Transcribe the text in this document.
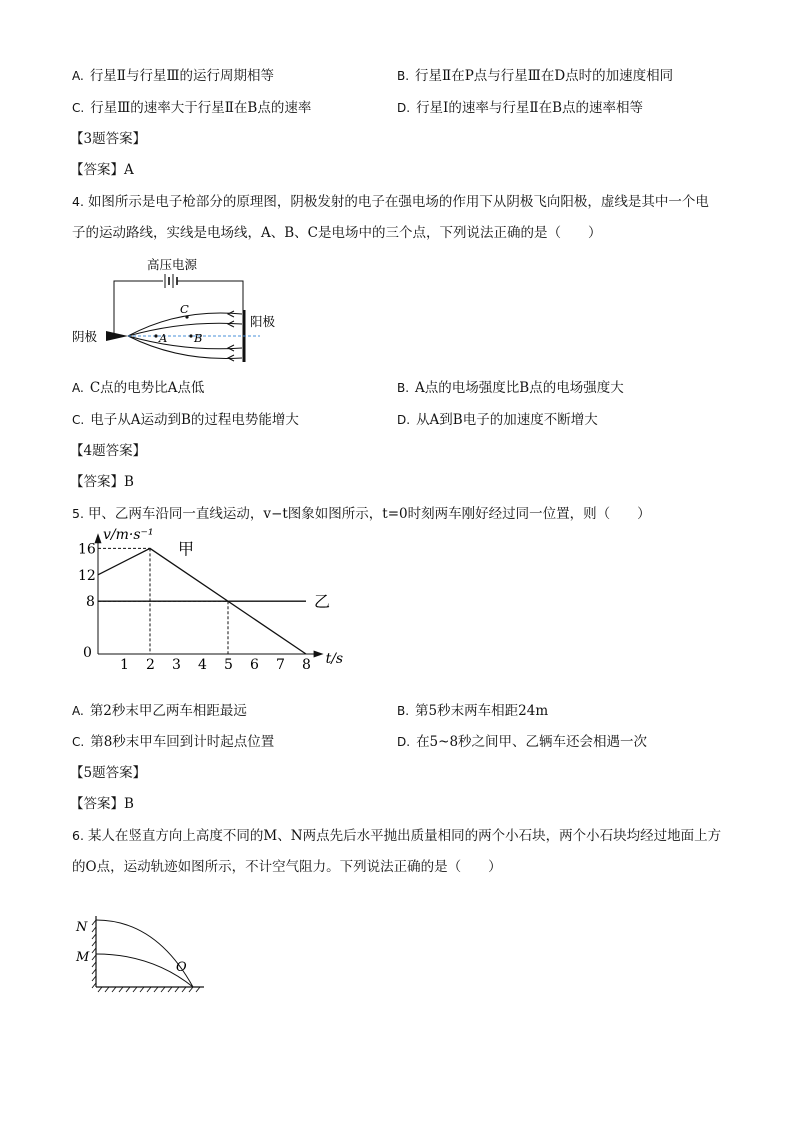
A. 行星Ⅱ与行星Ⅲ的运行周期相等	B. 行星Ⅱ在P点与行星Ⅲ在D点时的加速度相同
C. 行星Ⅲ的速率大于行星Ⅱ在B点的速率	D. 行星Ⅰ的速率与行星Ⅱ在B点的速率相等
【3题答案】
【答案】A
4. 如图所示是电子枪部分的原理图，阴极发射的电子在强电场的作用下从阴极飞向阳极，虚线是其中一个电子的运动路线，实线是电场线，A、B、C是电场中的三个点，下列说法正确的是（　　）
高压电源
阴极
阳极
A B
C
A. C点的电势比A点低	B. A点的电场强度比B点的电场强度大
C. 电子从A运动到B的过程电势能增大	D. 从A到B电子的加速度不断增大
【4题答案】
【答案】B
5. 甲、乙两车沿同一直线运动，v−t图象如图所示，t=0时刻两车刚好经过同一位置，则（　　）
v/m·s⁻¹
t/s
0
1 2 3 4 5 6 7 8
16
12
8
甲
乙
A. 第2秒末甲乙两车相距最远	B. 第5秒末两车相距24m
C. 第8秒末甲车回到计时起点位置	D. 在5~8秒之间甲、乙辆车还会相遇一次
【5题答案】
【答案】B
6. 某人在竖直方向上高度不同的M、N两点先后水平抛出质量相同的两个小石块，两个小石块均经过地面上方的O点，运动轨迹如图所示，不计空气阻力。下列说法正确的是（　　）
N
M
O
